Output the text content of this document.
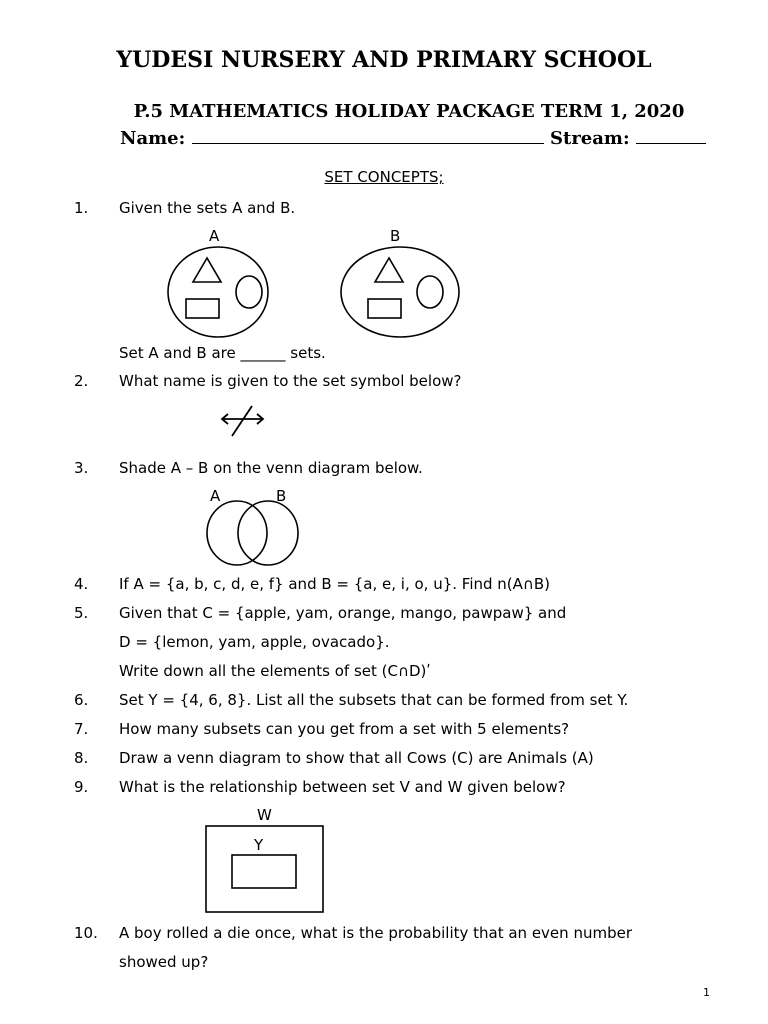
YUDESI NURSERY AND PRIMARY SCHOOL
P.5 MATHEMATICS HOLIDAY PACKAGE TERM 1, 2020
Name:	Stream:
SET CONCEPTS;
1. Given the sets A and B.
A	B
Set A and B are ______ sets.
2. What name is given to the set symbol below?
3. Shade A – B on the venn diagram below.
A	B
4. If A = {a, b, c, d, e, f} and B = {a, e, i, o, u}. Find n(A∩B)
5. Given that C = {apple, yam, orange, mango, pawpaw} and
D = {lemon, yam, apple, ovacado}.
Write down all the elements of set (C∩D)ʹ
6. Set Y = {4, 6, 8}. List all the subsets that can be formed from set Y.
7. How many subsets can you get from a set with 5 elements?
8. Draw a venn diagram to show that all Cows (C) are Animals (A)
9. What is the relationship between set V and W given below?
W
Y
10. A boy rolled a die once, what is the probability that an even number
showed up?
1
